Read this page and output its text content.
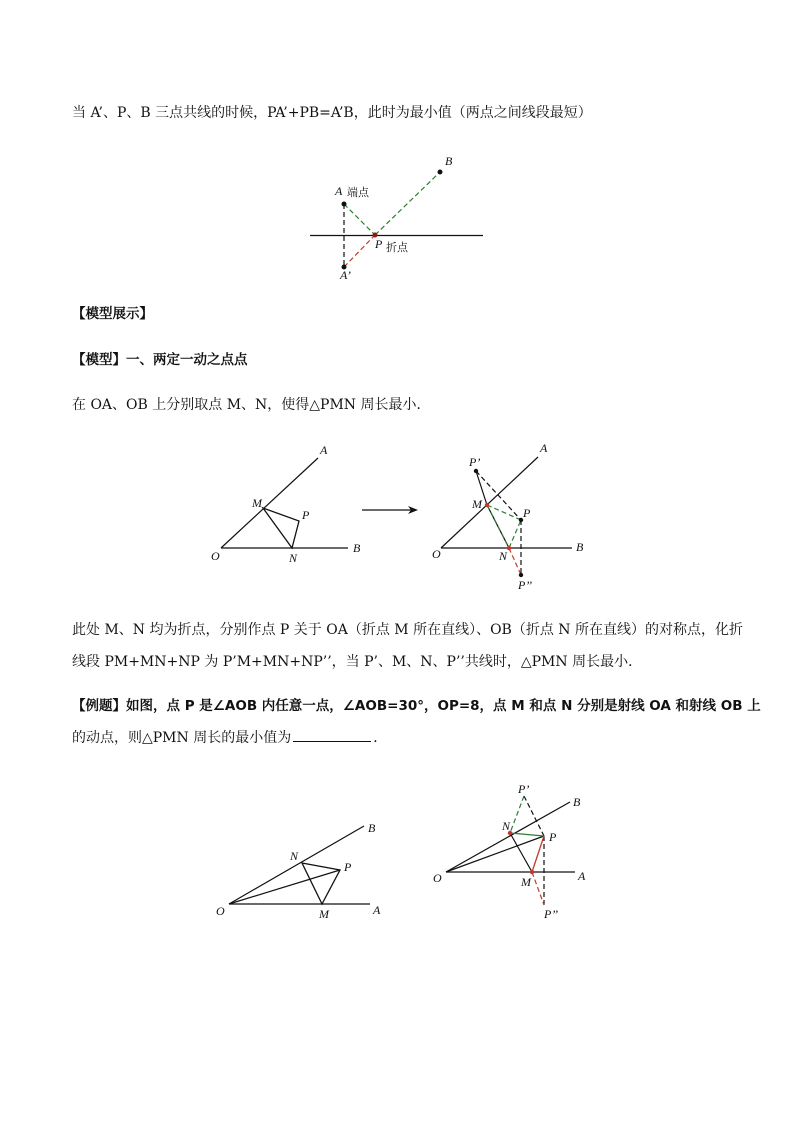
当 A’、P、B 三点共线的时候，PA’+PB=A’B，此时为最小值（两点之间线段最短）
A 端点
B
P 折点
A’
【模型展示】
【模型】一、两定一动之点点
在 OA、OB 上分别取点 M、N，使得△PMN 周长最小．
A
B
O
M
N
P
A
B
O
M
N
P
P’
P’’
此处 M、N 均为折点，分别作点 P 关于 OA（折点 M 所在直线）、OB（折点 N 所在直线）的对称点，化折
线段 PM+MN+NP 为 P’M+MN+NP’’，当 P’、M、N、P’’共线时，△PMN 周长最小．
【例题】如图，点 P 是∠AOB 内任意一点，∠AOB=30°，OP=8，点 M 和点 N 分别是射线 OA 和射线 OB 上
的动点，则△PMN 周长的最小值为	．
A
B
O	M
N
P
A
B
O	M
N
P
P’
P’’
